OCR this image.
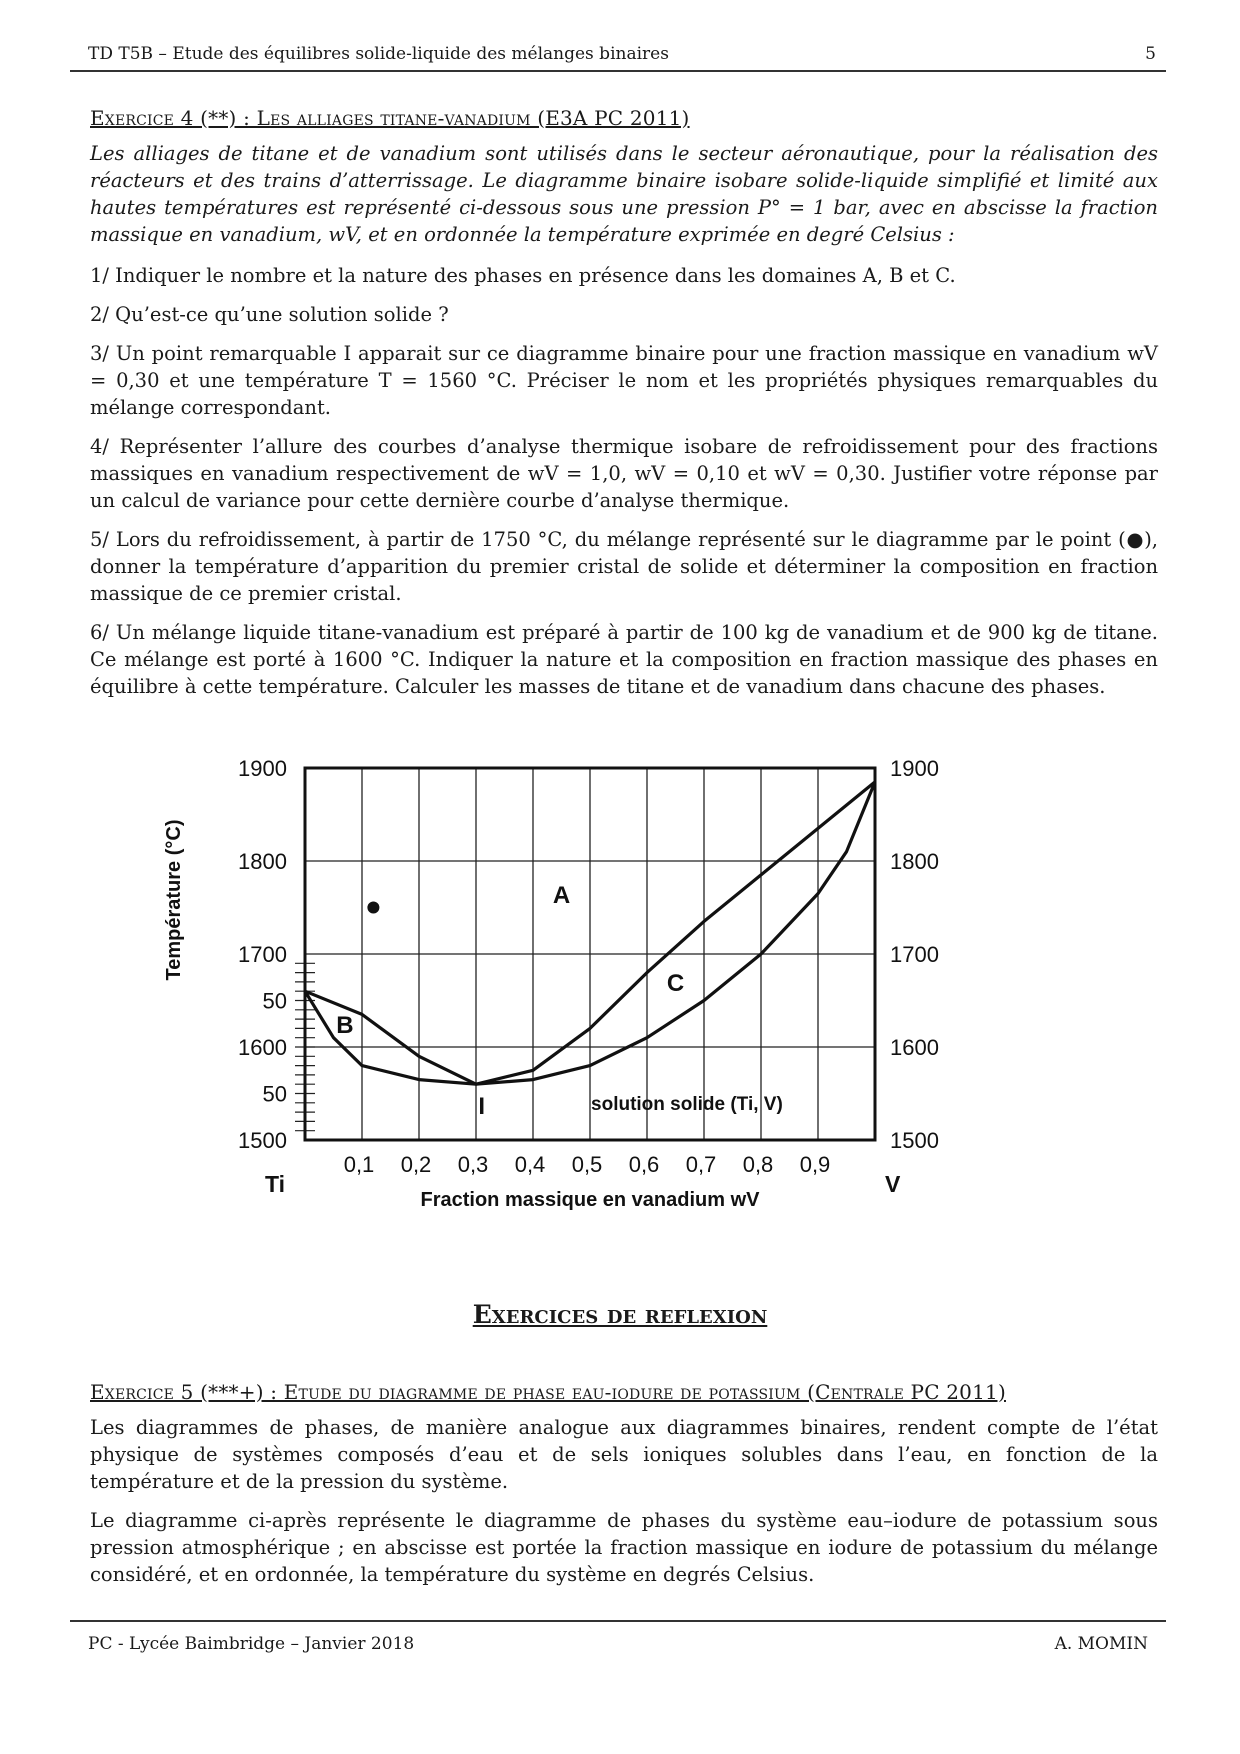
TD T5B – Etude des équilibres solide-liquide des mélanges binaires	5

Exercice 4 (**) : Les alliages titane-vanadium (E3A PC 2011)

Les alliages de titane et de vanadium sont utilisés dans le secteur aéronautique, pour la réalisation des réacteurs et des trains d’atterrissage. Le diagramme binaire isobare solide-liquide simplifié et limité aux hautes températures est représenté ci-dessous sous une pression P° = 1 bar, avec en abscisse la fraction massique en vanadium, wV, et en ordonnée la température exprimée en degré Celsius :

1/ Indiquer le nombre et la nature des phases en présence dans les domaines A, B et C.

2/ Qu’est-ce qu’une solution solide ?

3/ Un point remarquable I apparait sur ce diagramme binaire pour une fraction massique en vanadium wV = 0,30 et une température T = 1560 °C. Préciser le nom et les propriétés physiques remarquables du mélange correspondant.

4/ Représenter l’allure des courbes d’analyse thermique isobare de refroidissement pour des fractions massiques en vanadium respectivement de wV = 1,0, wV = 0,10 et wV = 0,30. Justifier votre réponse par un calcul de variance pour cette dernière courbe d’analyse thermique.

5/ Lors du refroidissement, à partir de 1750 °C, du mélange représenté sur le diagramme par le point (●), donner la température d’apparition du premier cristal de solide et déterminer la composition en fraction massique de ce premier cristal.

6/ Un mélange liquide titane-vanadium est préparé à partir de 100 kg de vanadium et de 900 kg de titane. Ce mélange est porté à 1600 °C. Indiquer la nature et la composition en fraction massique des phases en équilibre à cette température. Calculer les masses de titane et de vanadium dans chacune des phases.

1900
1800
1700
50
1600
50
1500
1900
1800
1700
1600
1500
0,1 0,2 0,3 0,4 0,5 0,6 0,7 0,8 0,9
Ti	V
Fraction massique en vanadium wV
Température (°C)	A
B
C
I	solution solide (Ti, V)
Exercices de reflexion

Exercice 5 (***+) : Etude du diagramme de phase eau-iodure de potassium (Centrale PC 2011)

Les diagrammes de phases, de manière analogue aux diagrammes binaires, rendent compte de l’état physique de systèmes composés d’eau et de sels ioniques solubles dans l’eau, en fonction de la température et de la pression du système.

Le diagramme ci-après représente le diagramme de phases du système eau–iodure de potassium sous pression atmosphérique ; en abscisse est portée la fraction massique en iodure de potassium du mélange considéré, et en ordonnée, la température du système en degrés Celsius.

PC - Lycée Baimbridge – Janvier 2018	A. MOMIN
